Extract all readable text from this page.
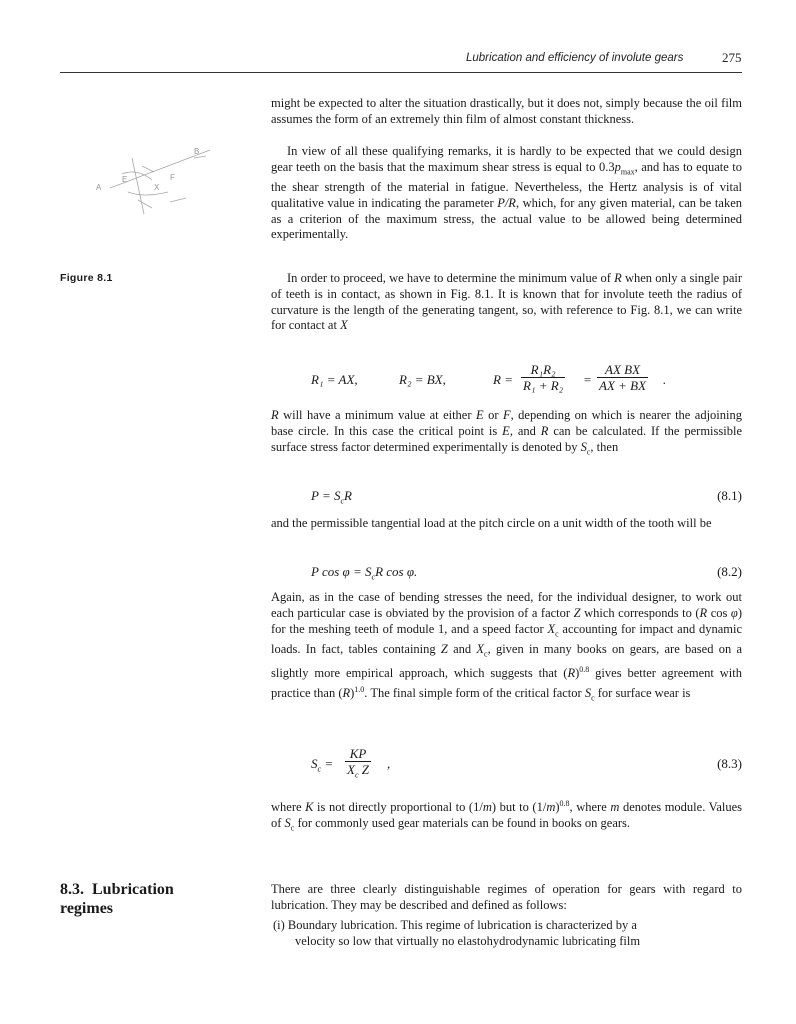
Lubrication and efficiency of involute gears	275
A
B
E	F
X
Figure 8.1

might be expected to alter the situation drastically, but it does not, simply because the oil film assumes the form of an extremely thin film of almost constant thickness.

In view of all these qualifying remarks, it is hardly to be expected that we could design gear teeth on the basis that the maximum shear stress is equal to $0.3p_{max}$, and has to equate to the shear strength of the material in fatigue. Nevertheless, the Hertz analysis is of vital qualitative value in indicating the parameter P/R, which, for any given material, can be taken as a criterion of the maximum stress, the actual value to be allowed being determined experimentally.

In order to proceed, we have to determine the minimum value of R when only a single pair of teeth is in contact, as shown in Fig. 8.1. It is known that for involute teeth the radius of curvature is the length of the generating tangent, so, with reference to Fig. 8.1, we can write for contact at X

R₁ = AX,	R₂ = BX,	$R = \frac{\text{R₁R₂}}{\text{R₁ + R₂}} = \frac{\text{AX BX}}{AX + BX}$ .

R will have a minimum value at either E or F, depending on which is nearer the adjoining base circle. In this case the critical point is E, and R can be calculated. If the permissible surface stress factor determined experimentally is denoted by $S_c$, then

$P = S_cR$	(8.1)

and the permissible tangential load at the pitch circle on a unit width of the tooth will be

P $\cos \varphi = S_cR$ cos φ.	(8.2)

Again, as in the case of bending stresses the need, for the individual designer, to work out each particular case is obviated by the provision of a factor Z which corresponds to (R cos φ) for the meshing teeth of module 1, and a speed factor $X_c$ accounting for impact and dynamic loads. In fact, tables containing Z and $X_c$, given in many books on gears, are based on a slightly more empirical approach, which suggests that $(R)^{0.8}$ gives better agreement with practice than $(R)^{1.0}$. The final simple form of the critical factor $S_c$ for surface wear is

$S_c = \frac{KP}{X_c Z}$ ,	(8.3)

where K is not directly proportional to (1/m) but to $(1/m)^{0.8}$, where m denotes module. Values of $S_c$ for commonly used gear materials can be found in books on gears.

8.3. Lubrication
regimes

There are three clearly distinguishable regimes of operation for gears with regard to lubrication. They may be described and defined as follows:

(i) Boundary lubrication. This regime of lubrication is characterized by a
velocity so low that virtually no elastohydrodynamic lubricating film
